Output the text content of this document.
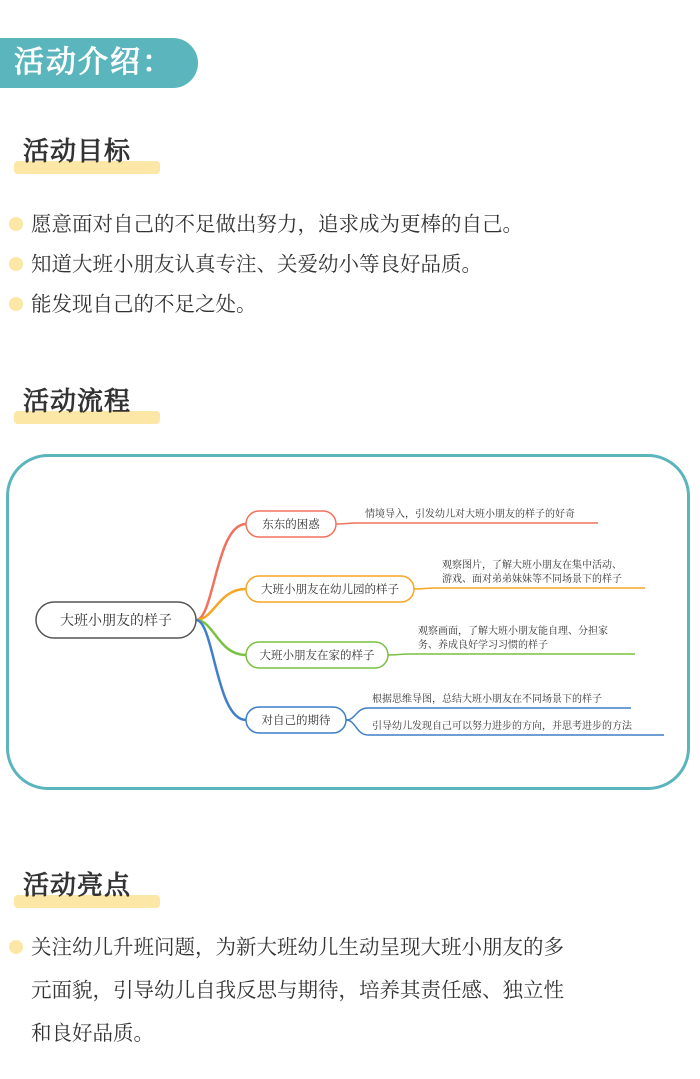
活动介绍：
活动目标
愿意面对自己的不足做出努力，追求成为更棒的自己。
知道大班小朋友认真专注、关爱幼小等良好品质。
能发现自己的不足之处。
活动流程
大班小朋友的样子
东东的困惑
情境导入，引发幼儿对大班小朋友的样子的好奇
大班小朋友在幼儿园的样子
观察图片，了解大班小朋友在集中活动、
游戏、面对弟弟妹妹等不同场景下的样子
大班小朋友在家的样子
观察画面，了解大班小朋友能自理、分担家
务、养成良好学习习惯的样子
对自己的期待
根据思维导图，总结大班小朋友在不同场景下的样子
引导幼儿发现自己可以努力进步的方向，并思考进步的方法
活动亮点
关注幼儿升班问题，为新大班幼儿生动呈现大班小朋友的多
元面貌，引导幼儿自我反思与期待，培养其责任感、独立性
和良好品质。
